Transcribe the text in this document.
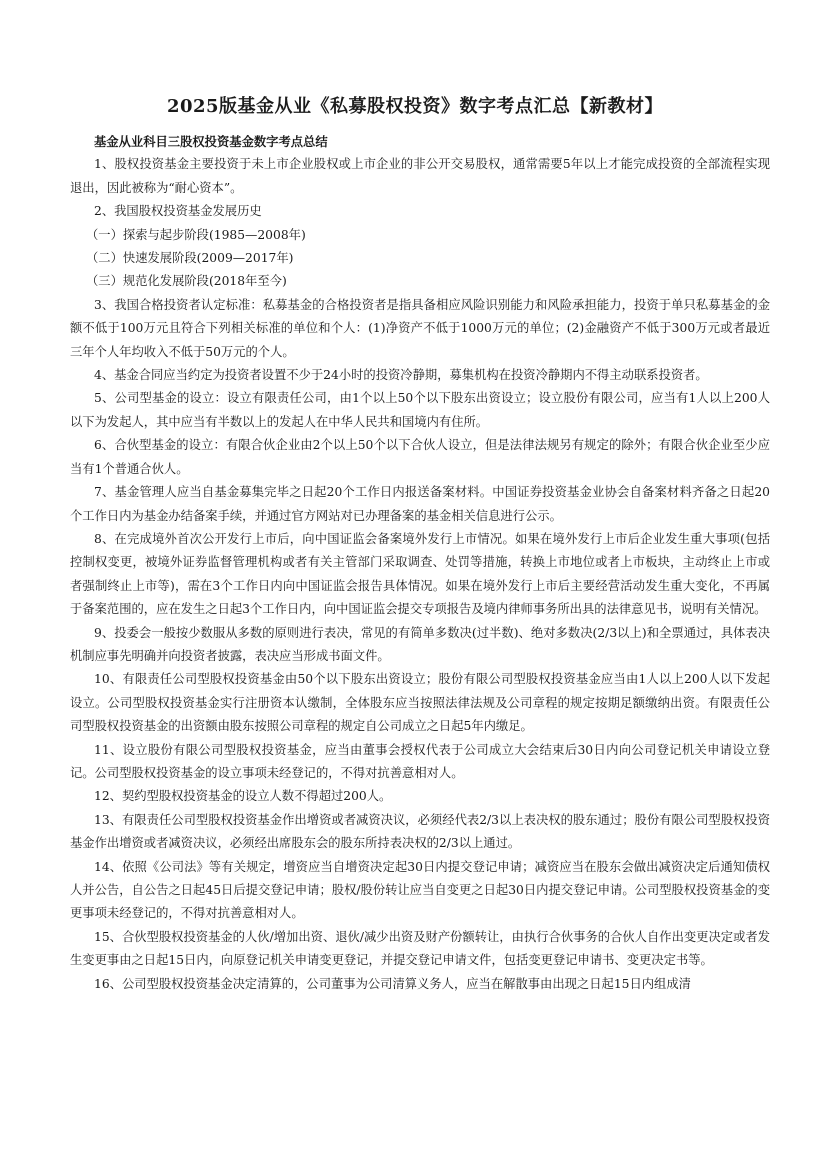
2025版基金从业《私募股权投资》数字考点汇总【新教材】

基金从业科目三股权投资基金数字考点总结

1、股权投资基金主要投资于未上市企业股权或上市企业的非公开交易股权，通常需要5年以上才能完成投资的全部流程实现退出，因此被称为“耐心资本”。

2、我国股权投资基金发展历史

（一）探索与起步阶段(1985—2008年)

（二）快速发展阶段(2009—2017年)

（三）规范化发展阶段(2018年至今)

3、我国合格投资者认定标准：私募基金的合格投资者是指具备相应风险识别能力和风险承担能力，投资于单只私募基金的金额不低于100万元且符合下列相关标准的单位和个人：(1)净资产不低于1000万元的单位；(2)金融资产不低于300万元或者最近三年个人年均收入不低于50万元的个人。

4、基金合同应当约定为投资者设置不少于24小时的投资冷静期，募集机构在投资冷静期内不得主动联系投资者。

5、公司型基金的设立：设立有限责任公司，由1个以上50个以下股东出资设立；设立股份有限公司，应当有1人以上200人以下为发起人，其中应当有半数以上的发起人在中华人民共和国境内有住所。

6、合伙型基金的设立：有限合伙企业由2个以上50个以下合伙人设立，但是法律法规另有规定的除外；有限合伙企业至少应当有1个普通合伙人。

7、基金管理人应当自基金募集完毕之日起20个工作日内报送备案材料。中国证券投资基金业协会自备案材料齐备之日起20个工作日内为基金办结备案手续，并通过官方网站对已办理备案的基金相关信息进行公示。

8、在完成境外首次公开发行上市后，向中国证监会备案境外发行上市情况。如果在境外发行上市后企业发生重大事项(包括控制权变更，被境外证券监督管理机构或者有关主管部门采取调查、处罚等措施，转换上市地位或者上市板块，主动终止上市或者强制终止上市等)，需在3个工作日内向中国证监会报告具体情况。如果在境外发行上市后主要经营活动发生重大变化，不再属于备案范围的，应在发生之日起3个工作日内，向中国证监会提交专项报告及境内律师事务所出具的法律意见书，说明有关情况。

9、投委会一般按少数服从多数的原则进行表决，常见的有简单多数决(过半数)、绝对多数决(2/3以上)和全票通过，具体表决机制应事先明确并向投资者披露，表决应当形成书面文件。

10、有限责任公司型股权投资基金由50个以下股东出资设立；股份有限公司型股权投资基金应当由1人以上200人以下发起设立。公司型股权投资基金实行注册资本认缴制，全体股东应当按照法律法规及公司章程的规定按期足额缴纳出资。有限责任公司型股权投资基金的出资额由股东按照公司章程的规定自公司成立之日起5年内缴足。

11、设立股份有限公司型股权投资基金，应当由董事会授权代表于公司成立大会结束后30日内向公司登记机关申请设立登记。公司型股权投资基金的设立事项未经登记的，不得对抗善意相对人。

12、契约型股权投资基金的设立人数不得超过200人。

13、有限责任公司型股权投资基金作出增资或者减资决议，必须经代表2/3以上表决权的股东通过；股份有限公司型股权投资基金作出增资或者减资决议，必须经出席股东会的股东所持表决权的2/3以上通过。

14、依照《公司法》等有关规定，增资应当自增资决定起30日内提交登记申请；减资应当在股东会做出减资决定后通知债权人并公告，自公告之日起45日后提交登记申请；股权/股份转让应当自变更之日起30日内提交登记申请。公司型股权投资基金的变更事项未经登记的，不得对抗善意相对人。

15、合伙型股权投资基金的人伙/增加出资、退伙/减少出资及财产份额转让，由执行合伙事务的合伙人自作出变更决定或者发生变更事由之日起15日内，向原登记机关申请变更登记，并提交登记申请文件，包括变更登记申请书、变更决定书等。

16、公司型股权投资基金决定清算的，公司董事为公司清算义务人，应当在解散事由出现之日起15日内组成清
